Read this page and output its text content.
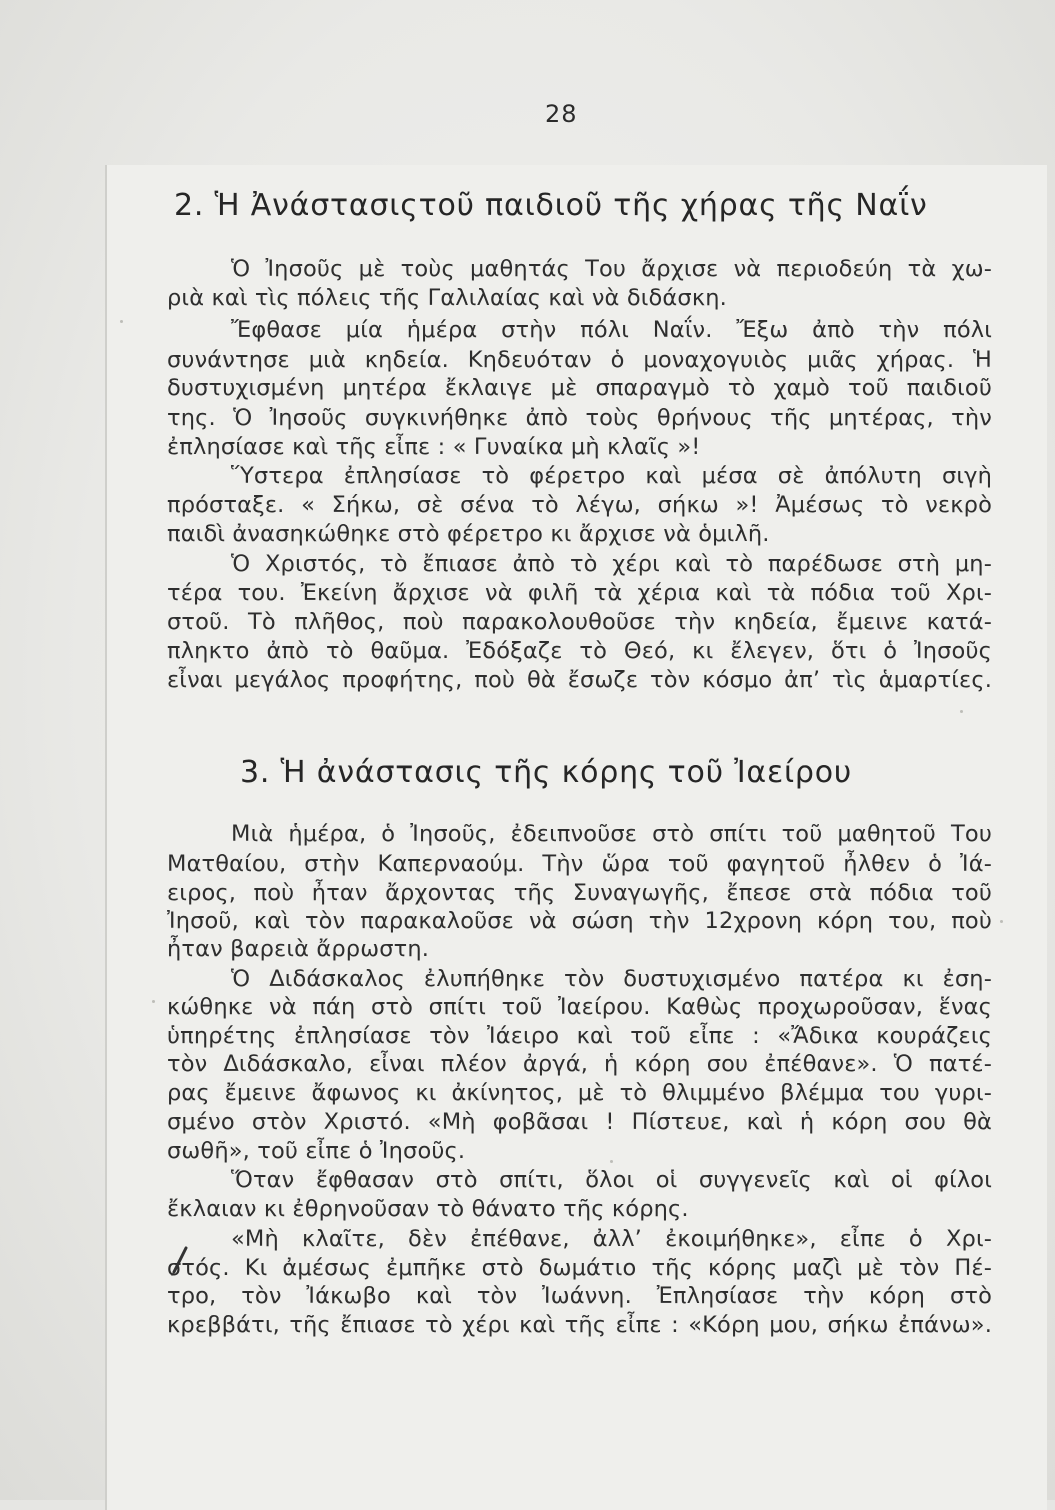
28
2. Ἡ Ἀνάστασιςτοῦ παιδιοῦ τῆς χήρας τῆς Ναΐν
Ὁ Ἰησοῦς μὲ τοὺς μαθητάς Του ἄρχισε νὰ περιοδεύη τὰ χω-
ριὰ καὶ τὶς πόλεις τῆς Γαλιλαίας καὶ νὰ διδάσκη.
Ἔφθασε μία ἡμέρα στὴν πόλι Ναΐν. Ἔξω ἀπὸ τὴν πόλι
συνάντησε μιὰ κηδεία. Κηδευόταν ὁ μοναχογυιὸς μιᾶς χήρας. Ἡ
δυστυχισμένη μητέρα ἔκλαιγε μὲ σπαραγμὸ τὸ χαμὸ τοῦ παιδιοῦ
της. Ὁ Ἰησοῦς συγκινήθηκε ἀπὸ τοὺς θρήνους τῆς μητέρας, τὴν
ἐπλησίασε καὶ τῆς εἶπε : « Γυναίκα μὴ κλαῖς »!
Ὕστερα ἐπλησίασε τὸ φέρετρο καὶ μέσα σὲ ἀπόλυτη σιγὴ
πρόσταξε. « Σήκω, σὲ σένα τὸ λέγω, σήκω »! Ἀμέσως τὸ νεκρὸ
παιδὶ ἀνασηκώθηκε στὸ φέρετρο κι ἄρχισε νὰ ὁμιλῆ.
Ὁ Χριστός, τὸ ἔπιασε ἀπὸ τὸ χέρι καὶ τὸ παρέδωσε στὴ μη-
τέρα του. Ἐκείνη ἄρχισε νὰ φιλῆ τὰ χέρια καὶ τὰ πόδια τοῦ Χρι-
στοῦ. Τὸ πλῆθος, ποὺ παρακολουθοῦσε τὴν κηδεία, ἔμεινε κατά-
πληκτο ἀπὸ τὸ θαῦμα. Ἐδόξαζε τὸ Θεό, κι ἔλεγεν, ὅτι ὁ Ἰησοῦς
εἶναι μεγάλος προφήτης, ποὺ θὰ ἔσωζε τὸν κόσμο ἀπ’ τὶς ἁμαρτίες.
3. Ἡ ἀνάστασις τῆς κόρης τοῦ Ἰαείρου
Μιὰ ἡμέρα, ὁ Ἰησοῦς, ἐδειπνοῦσε στὸ σπίτι τοῦ μαθητοῦ Του
Ματθαίου, στὴν Καπερναούμ. Τὴν ὥρα τοῦ φαγητοῦ ἦλθεν ὁ Ἰά-
ειρος, ποὺ ἦταν ἄρχοντας τῆς Συναγωγῆς, ἔπεσε στὰ πόδια τοῦ
Ἰησοῦ, καὶ τὸν παρακαλοῦσε νὰ σώση τὴν 12χρονη κόρη του, ποὺ
ἦταν βαρειὰ ἄρρωστη.
Ὁ Διδάσκαλος ἐλυπήθηκε τὸν δυστυχισμένο πατέρα κι ἐση-
κώθηκε νὰ πάη στὸ σπίτι τοῦ Ἰαείρου. Καθὼς προχωροῦσαν, ἕνας
ὑπηρέτης ἐπλησίασε τὸν Ἰάειρο καὶ τοῦ εἶπε : «Ἄδικα κουράζεις
τὸν Διδάσκαλο, εἶναι πλέον ἀργά, ἡ κόρη σου ἐπέθανε». Ὁ πατέ-
ρας ἔμεινε ἄφωνος κι ἀκίνητος, μὲ τὸ θλιμμένο βλέμμα του γυρι-
σμένο στὸν Χριστό. «Μὴ φοβᾶσαι ! Πίστευε, καὶ ἡ κόρη σου θὰ
σωθῆ», τοῦ εἶπε ὁ Ἰησοῦς.
Ὅταν ἔφθασαν στὸ σπίτι, ὅλοι οἱ συγγενεῖς καὶ οἱ φίλοι
ἔκλαιαν κι ἐθρηνοῦσαν τὸ θάνατο τῆς κόρης.
«Μὴ κλαῖτε, δὲν ἐπέθανε, ἀλλ’ ἐκοιμήθηκε», εἶπε ὁ Χρι-
στός. Κι ἀμέσως ἐμπῆκε στὸ δωμάτιο τῆς κόρης μαζὶ μὲ τὸν Πέ-
τρο, τὸν Ἰάκωβο καὶ τὸν Ἰωάννη. Ἐπλησίασε τὴν κόρη στὸ
κρεββάτι, τῆς ἔπιασε τὸ χέρι καὶ τῆς εἶπε : «Κόρη μου, σήκω ἐπάνω».
